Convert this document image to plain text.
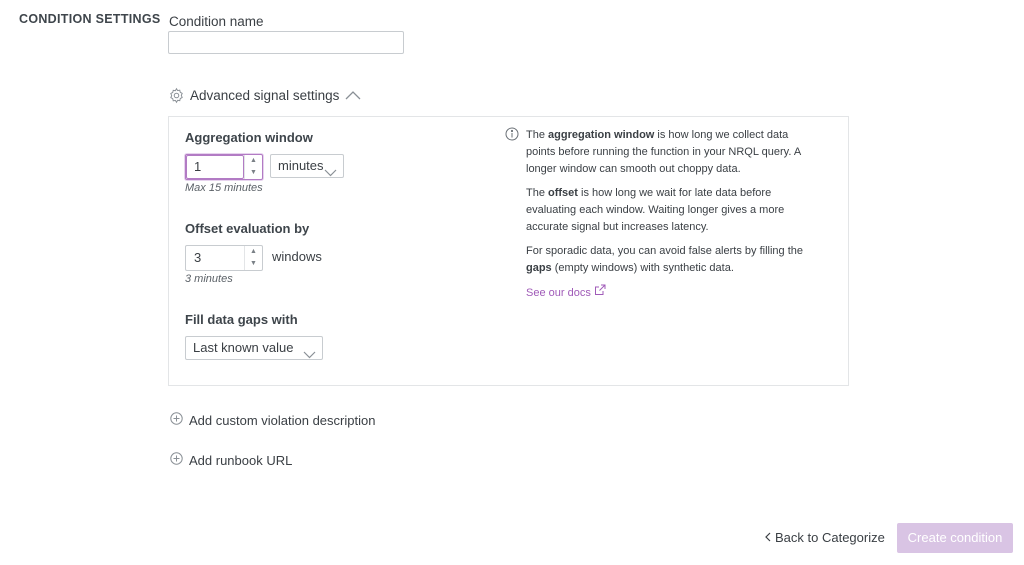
CONDITION SETTINGS Condition name
Advanced signal settings
Aggregation window
1
▲
▼	minutes
Max 15 minutes
Offset evaluation by
3
▲
▼	windows
3 minutes
Fill data gaps with
Last known value

The aggregation window is how long we collect data points before running the function in your NRQL query. A longer window can smooth out choppy data.

The offset is how long we wait for late data before evaluating each window. Waiting longer gives a more accurate signal but increases latency.

For sporadic data, you can avoid false alerts by filling the gaps (empty windows) with synthetic data.

See our docs
Add custom violation description
Add runbook URL
Back to Categorize	Create condition
